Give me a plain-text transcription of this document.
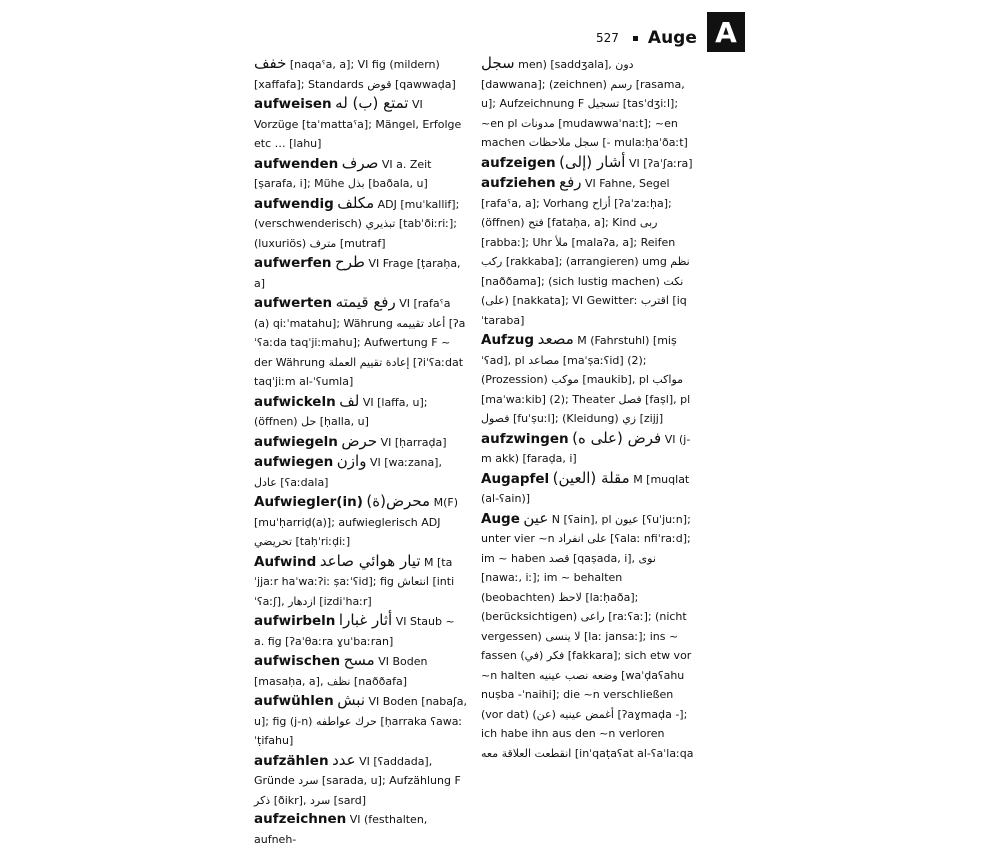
527 Auge A
خفف [naqaˤa, a]; VI fig (mildern) [xaffafa]; Standards قوض [qawwaḍa]
aufweisen تمتع (ب) له VI Vorzüge [taˈmattaˤa]; Mängel, Erfolge etc … [lahu]
aufwenden صرف VI a. Zeit [ṣarafa, i]; Mühe بذل [baðala, u]
aufwendig مكلف ADJ [muˈkallif]; (verschwenderisch) تبذيري [tabˈðiːriː]; (luxuriös) مترف [mutraf]
aufwerfen طرح VI Frage [ṭaraḥa, a]
aufwerten رفع قيمته VI [rafaˤa (a) qiːˈmatahu]; Währung أعاد تقييمه [ʔaˈʕaːda taqˈjiːmahu]; Aufwertung F ~ der Währung إعادة تقييم العملة [ʔiˈʕaːdat taqˈjiːm al-ˈʕumla]
aufwickeln لف VI [laffa, u]; (öffnen) حل [ḥalla, u]
aufwiegeln حرض VI [ḥarraḍa]
aufwiegen وازن VI [waːzana], عادل [ʕaːdala]
Aufwiegler(in) محرض(ة) M(F) [muˈḥarriḍ(a)]; aufwieglerisch ADJ تحريضي [taḥˈriːḍiː]
Aufwind تيار هوائي صاعد M [taˈjjaːr haˈwaːʔiː ṣaːˈʕid]; fig انتعاش [intiˈʕaːʃ], ازدهار [izdiˈhaːr]
aufwirbeln أثار غبارا VI Staub ~ a. fig [ʔaˈθaːra ɣuˈbaːran]
aufwischen مسح VI Boden [masaḥa, a], نظف [naððafa]
aufwühlen نبش VI Boden [nabaʃa, u]; fig (j-n) حرك عواطفه [ḥarraka ʕawaːˈṭifahu]
aufzählen عدد VI [ʕaddada], Gründe سرد [sarada, u]; Aufzählung F ذكر [ðikr], سرد [sard]
aufzeichnen VI (festhalten, aufneh-
سجل men) [saddʒala], دون [dawwana]; (zeichnen) رسم [rasama, u]; Aufzeichnung F تسجيل [tasˈdʒiːl]; ~en pl مدونات [mudawwaˈnaːt]; ~en machen سجل ملاحظات [- mulaːḥaˈðaːt]
aufzeigen أشار (إلى) VI [ʔaˈʃaːra]
aufziehen رفع VI Fahne, Segel [rafaˤa, a]; Vorhang أزاح [ʔaˈzaːḥa]; (öffnen) فتح [fataḥa, a]; Kind ربى [rabbaː]; Uhr ملأ [malaʔa, a]; Reifen ركب [rakkaba]; (arrangieren) umg نظم [naððama]; (sich lustig machen) نكت (على) [nakkata]; VI Gewitter: اقترب [iqˈtaraba]
Aufzug مصعد M (Fahrstuhl) [miṣˈʕad], pl مصاعد [maˈṣaːʕid] (2); (Prozession) موكب [maukib], pl مواكب [maˈwaːkib] (2); Theater فصل [faṣl], pl فصول [fuˈṣuːl]; (Kleidung) زي [zijj]
aufzwingen فرض (على ه) VI (j-m akk) [faraḍa, i]
Augapfel مقلة (العين) M [muqlat (al-ʕain)]
Auge عين N [ʕain], pl عيون [ʕuˈjuːn]; unter vier ~n على انفراد [ʕalaː nfiˈraːd]; im ~ haben قصد [qaṣada, i], نوى [nawaː, iː]; im ~ behalten (beobachten) لاحظ [laːḥaða]; (berücksichtigen) راعى [raːʕaː]; (nicht vergessen) لا ينسى [laː jansaː]; ins ~ fassen فكر (في) [fakkara]; sich etw vor ~n halten وضعه نصب عينيه [waˈḍaʕahu nuṣba -ˈnaihi]; die ~n verschließen (vor dat) أغمض عينيه (عن) [ʔaɣmaḍa -]; ich habe ihn aus den ~n verloren انقطعت العلاقة معه [inˈqaṭaʕat al-ʕaˈlaːqa
